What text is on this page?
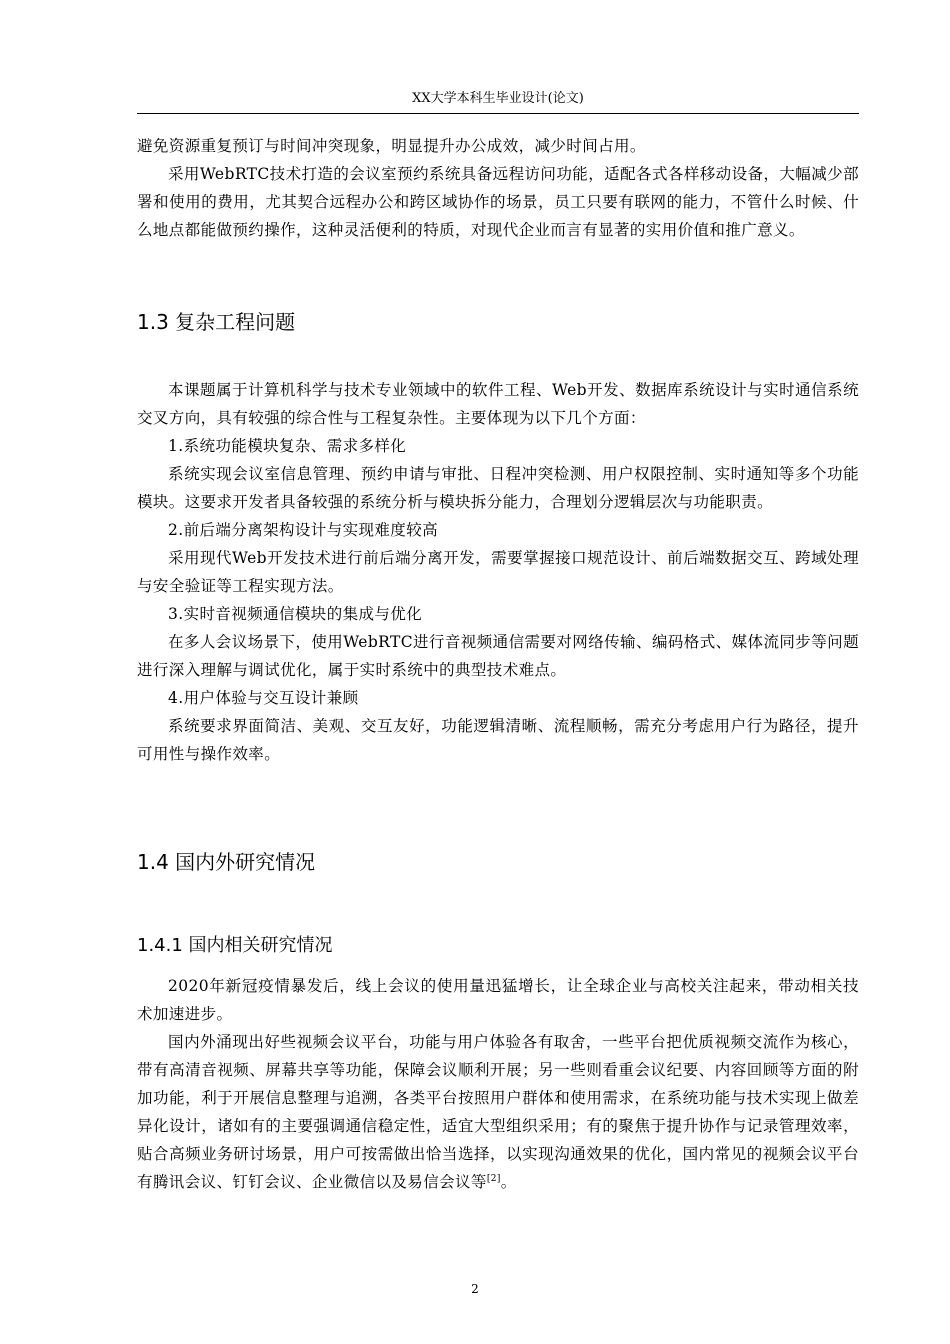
XX大学本科生毕业设计(论文)

避免资源重复预订与时间冲突现象，明显提升办公成效，减少时间占用。

采用WebRTC技术打造的会议室预约系统具备远程访问功能，适配各式各样移动设备，大幅减少部署和使用的费用，尤其契合远程办公和跨区域协作的场景，员工只要有联网的能力，不管什么时候、什么地点都能做预约操作，这种灵活便利的特质，对现代企业而言有显著的实用价值和推广意义。

1.3 复杂工程问题

本课题属于计算机科学与技术专业领域中的软件工程、Web开发、数据库系统设计与实时通信系统交叉方向，具有较强的综合性与工程复杂性。主要体现为以下几个方面：

1.系统功能模块复杂、需求多样化

系统实现会议室信息管理、预约申请与审批、日程冲突检测、用户权限控制、实时通知等多个功能模块。这要求开发者具备较强的系统分析与模块拆分能力，合理划分逻辑层次与功能职责。

2.前后端分离架构设计与实现难度较高

采用现代Web开发技术进行前后端分离开发，需要掌握接口规范设计、前后端数据交互、跨域处理与安全验证等工程实现方法。

3.实时音视频通信模块的集成与优化

在多人会议场景下，使用WebRTC进行音视频通信需要对网络传输、编码格式、媒体流同步等问题进行深入理解与调试优化，属于实时系统中的典型技术难点。

4.用户体验与交互设计兼顾

系统要求界面简洁、美观、交互友好，功能逻辑清晰、流程顺畅，需充分考虑用户行为路径，提升可用性与操作效率。

1.4 国内外研究情况
1.4.1 国内相关研究情况

2020年新冠疫情暴发后，线上会议的使用量迅猛增长，让全球企业与高校关注起来，带动相关技术加速进步。

国内外涌现出好些视频会议平台，功能与用户体验各有取舍，一些平台把优质视频交流作为核心，带有高清音视频、屏幕共享等功能，保障会议顺利开展；另一些则看重会议纪要、内容回顾等方面的附加功能，利于开展信息整理与追溯，各类平台按照用户群体和使用需求，在系统功能与技术实现上做差异化设计，诸如有的主要强调通信稳定性，适宜大型组织采用；有的聚焦于提升协作与记录管理效率，贴合高频业务研讨场景，用户可按需做出恰当选择，以实现沟通效果的优化，国内常见的视频会议平台有腾讯会议、钉钉会议、企业微信以及易信会议等[2]。

2
